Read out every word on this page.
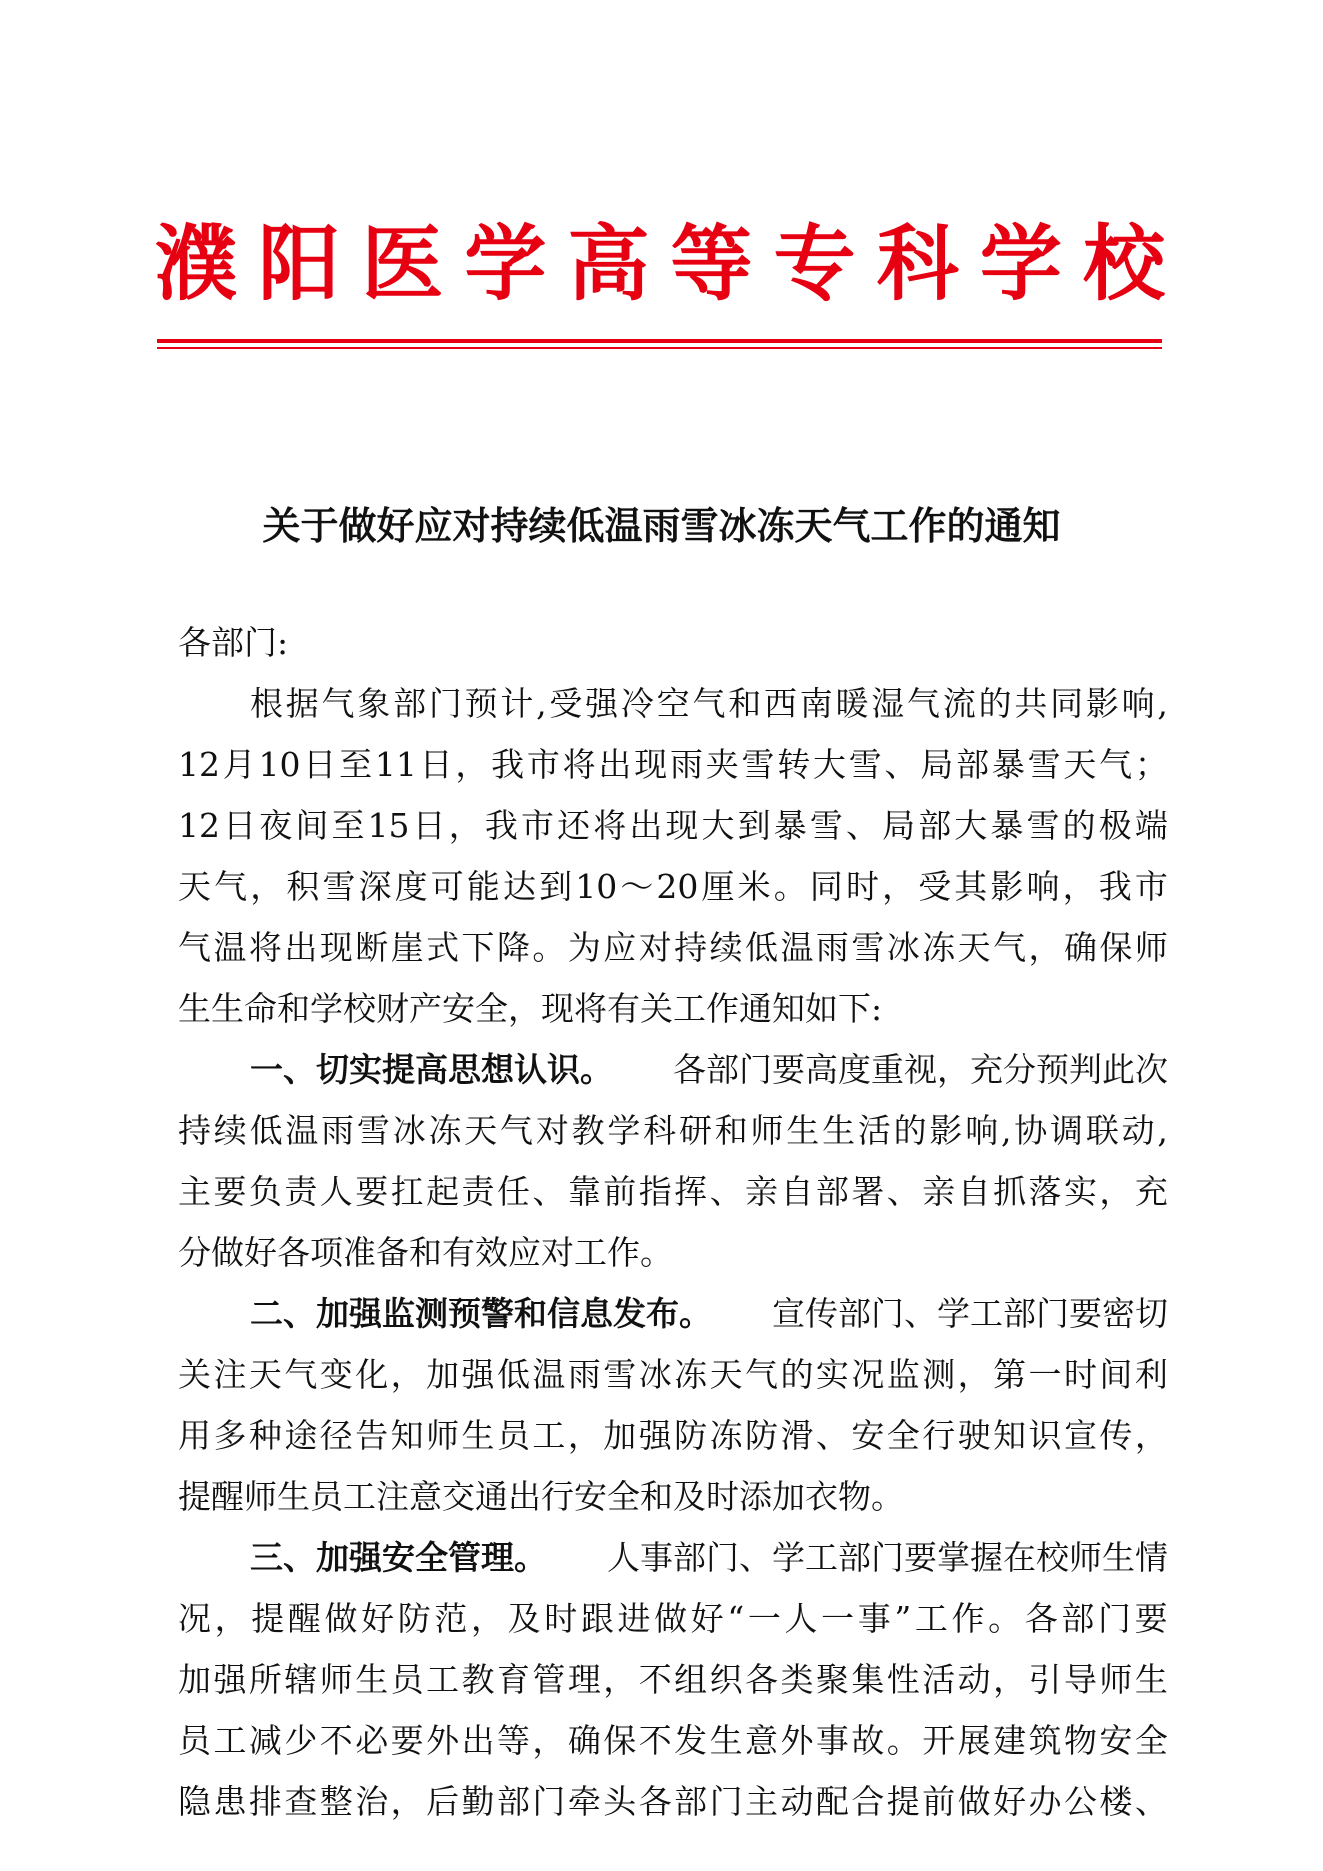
濮 阳 医 学 高 等 专 科 学 校
关于做好应对持续低温雨雪冰冻天气工作的通知
各部门:
根 据 气 象 部 门 预 计 , 受 强 冷 空 气 和 西 南 暖 湿 气 流 的 共 同 影 响 ,
12 月 10 日 至 11 日 ， 我 市 将 出 现 雨 夹 雪 转 大 雪 、 局 部 暴 雪 天 气 ；
12 日 夜 间 至 15 日 ， 我 市 还 将 出 现 大 到 暴 雪 、 局 部 大 暴 雪 的 极 端
天 气 ， 积 雪 深 度 可 能 达 到 10 ～ 20 厘 米 。 同 时 ， 受 其 影 响 ， 我 市
气 温 将 出 现 断 崖 式 下 降 。 为 应 对 持 续 低 温 雨 雪 冰 冻 天 气 ， 确 保 师
生生命和学校财产安全，现将有关工作通知如下:
一、切实提高思想认识。 各部门要高度重视，充分预判此次
持 续 低 温 雨 雪 冰 冻 天 气 对 教 学 科 研 和 师 生 生 活 的 影 响 , 协 调 联 动 ,
主 要 负 责 人 要 扛 起 责 任 、 靠 前 指 挥 、 亲 自 部 署 、 亲 自 抓 落 实 ， 充
分做好各项准备和有效应对工作。
二、加强监测预警和信息发布。 宣传部门、学工部门要密切
关 注 天 气 变 化 ， 加 强 低 温 雨 雪 冰 冻 天 气 的 实 况 监 测 ， 第 一 时 间 利
用 多 种 途 径 告 知 师 生 员 工 ， 加 强 防 冻 防 滑 、 安 全 行 驶 知 识 宣 传 ，
提醒师生员工注意交通出行安全和及时添加衣物。
三、加强安全管理。 人事部门、学工部门要掌握在校师生情
况 ， 提 醒 做 好 防 范 ， 及 时 跟 进 做 好 “ 一 人 一 事 ” 工 作 。 各 部 门 要
加 强 所 辖 师 生 员 工 教 育 管 理 ， 不 组 织 各 类 聚 集 性 活 动 ， 引 导 师 生
员 工 减 少 不 必 要 外 出 等 ， 确 保 不 发 生 意 外 事 故 。 开 展 建 筑 物 安 全
隐 患 排 查 整 治 ， 后 勤 部 门 牵 头 各 部 门 主 动 配 合 提 前 做 好 办 公 楼 、
